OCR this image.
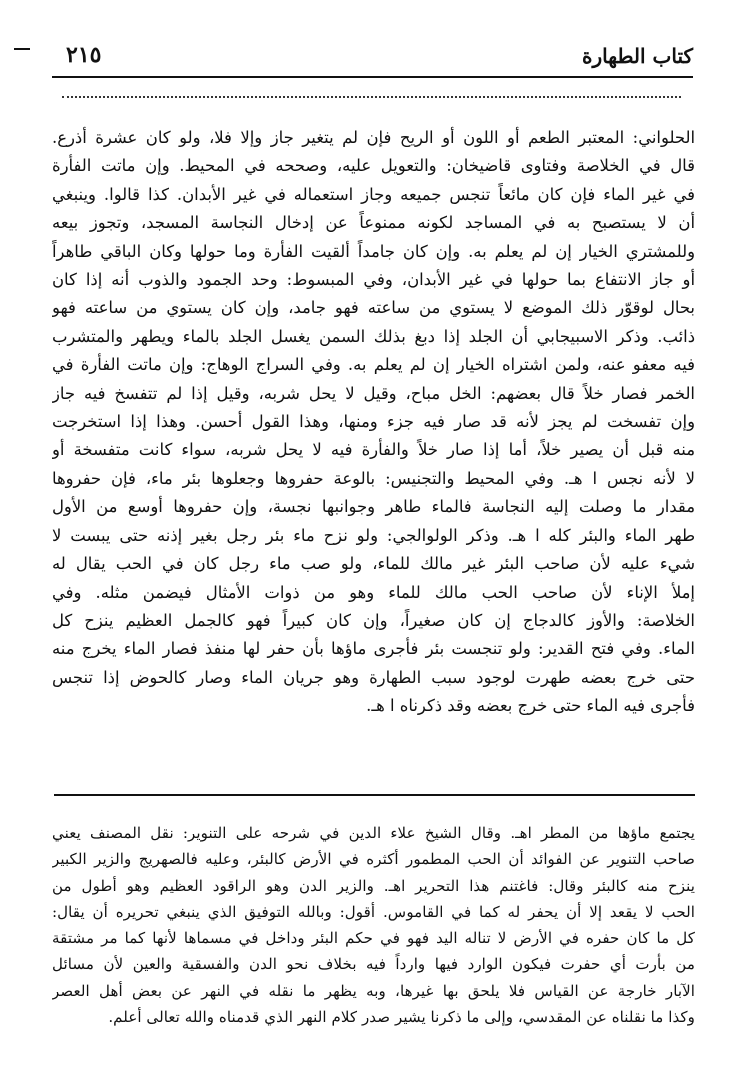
كتاب الطهارة
٢١٥
الحلواني: المعتبر الطعم أو اللون أو الريح فإن لم يتغير جاز وإلا فلا، ولو كان عشرة أذرع.
قال في الخلاصة وفتاوى قاضيخان: والتعويل عليه، وصححه في المحيط. وإن ماتت الفأرة
في غير الماء فإن كان مائعاً تنجس جميعه وجاز استعماله في غير الأبدان. كذا قالوا. وينبغي
أن لا يستصبح به في المساجد لكونه ممنوعاً عن إدخال النجاسة المسجد، وتجوز بيعه
وللمشتري الخيار إن لم يعلم به. وإن كان جامداً ألقيت الفأرة وما حولها وكان الباقي طاهراً
أو جاز الانتفاع بما حولها في غير الأبدان، وفي المبسوط: وحد الجمود والذوب أنه إذا كان
بحال لوقوّر ذلك الموضع لا يستوي من ساعته فهو جامد، وإن كان يستوي من ساعته فهو
ذائب. وذكر الاسبيجابي أن الجلد إذا دبغ بذلك السمن يغسل الجلد بالماء ويطهر والمتشرب
فيه معفو عنه، ولمن اشتراه الخيار إن لم يعلم به. وفي السراج الوهاج: وإن ماتت الفأرة في
الخمر فصار خلاً قال بعضهم: الخل مباح، وقيل لا يحل شربه، وقيل إذا لم تتفسخ فيه جاز
وإن تفسخت لم يجز لأنه قد صار فيه جزء ومنها، وهذا القول أحسن. وهذا إذا استخرجت
منه قبل أن يصير خلاً، أما إذا صار خلاً والفأرة فيه لا يحل شربه، سواء كانت متفسخة أو
لا لأنه نجس ا هـ. وفي المحيط والتجنيس: بالوعة حفروها وجعلوها بئر ماء، فإن حفروها
مقدار ما وصلت إليه النجاسة فالماء طاهر وجوانبها نجسة، وإن حفروها أوسع من الأول
طهر الماء والبئر كله ا هـ. وذكر الولوالجي: ولو نزح ماء بئر رجل بغير إذنه حتى يبست لا
شيء عليه لأن صاحب البئر غير مالك للماء، ولو صب ماء رجل كان في الحب يقال له
إملأ الإناء لأن صاحب الحب مالك للماء وهو من ذوات الأمثال فيضمن مثله. وفي
الخلاصة: والأوز كالدجاج إن كان صغيراً، وإن كان كبيراً فهو كالجمل العظيم ينزح كل
الماء. وفي فتح القدير: ولو تنجست بئر فأجرى ماؤها بأن حفر لها منفذ فصار الماء يخرج منه
حتى خرج بعضه طهرت لوجود سبب الطهارة وهو جريان الماء وصار كالحوض إذا تنجس
فأجرى فيه الماء حتى خرج بعضه وقد ذكرناه ا هـ.
يجتمع ماؤها من المطر اهـ. وقال الشيخ علاء الدين في شرحه على التنوير: نقل المصنف يعني
صاحب التنوير عن الفوائد أن الحب المطمور أكثره في الأرض كالبئر، وعليه فالصهريج والزير الكبير
ينزح منه كالبئر وقال: فاغتنم هذا التحرير اهـ. والزير الدن وهو الراقود العظيم وهو أطول من
الحب لا يقعد إلا أن يحفر له كما في القاموس. أقول: وبالله التوفيق الذي ينبغي تحريره أن يقال:
كل ما كان حفره في الأرض لا تناله اليد فهو في حكم البئر وداخل في مسماها لأنها كما مر مشتقة
من بأرت أي حفرت فيكون الوارد فيها وارداً فيه بخلاف نحو الدن والفسقية والعين لأن مسائل
الآبار خارجة عن القياس فلا يلحق بها غيرها، وبه يظهر ما نقله في النهر عن بعض أهل العصر
وكذا ما نقلناه عن المقدسي، وإلى ما ذكرنا يشير صدر كلام النهر الذي قدمناه والله تعالى أعلم.
